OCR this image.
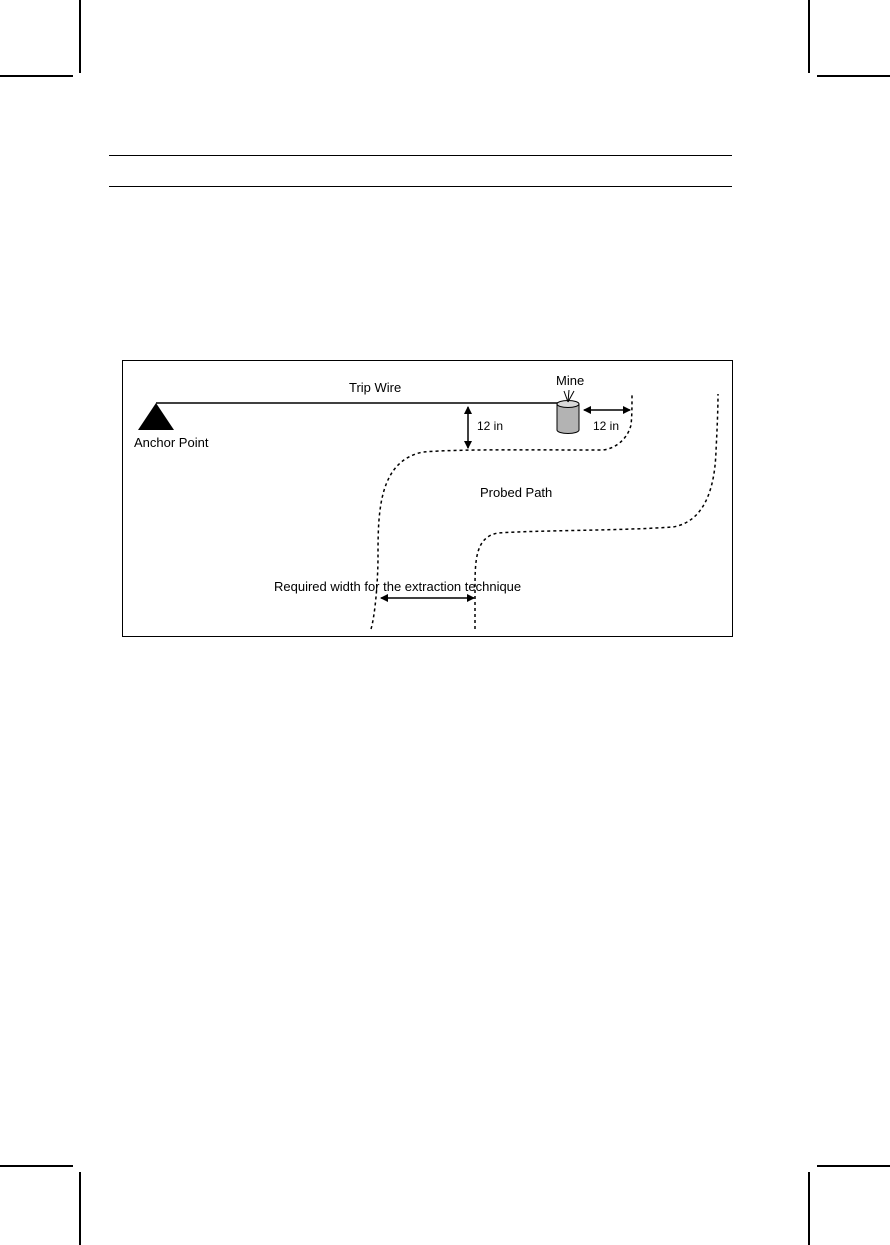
Trip Wire
Anchor Point
Mine
12 in	12 in
Probed Path
Required width for the extraction technique
